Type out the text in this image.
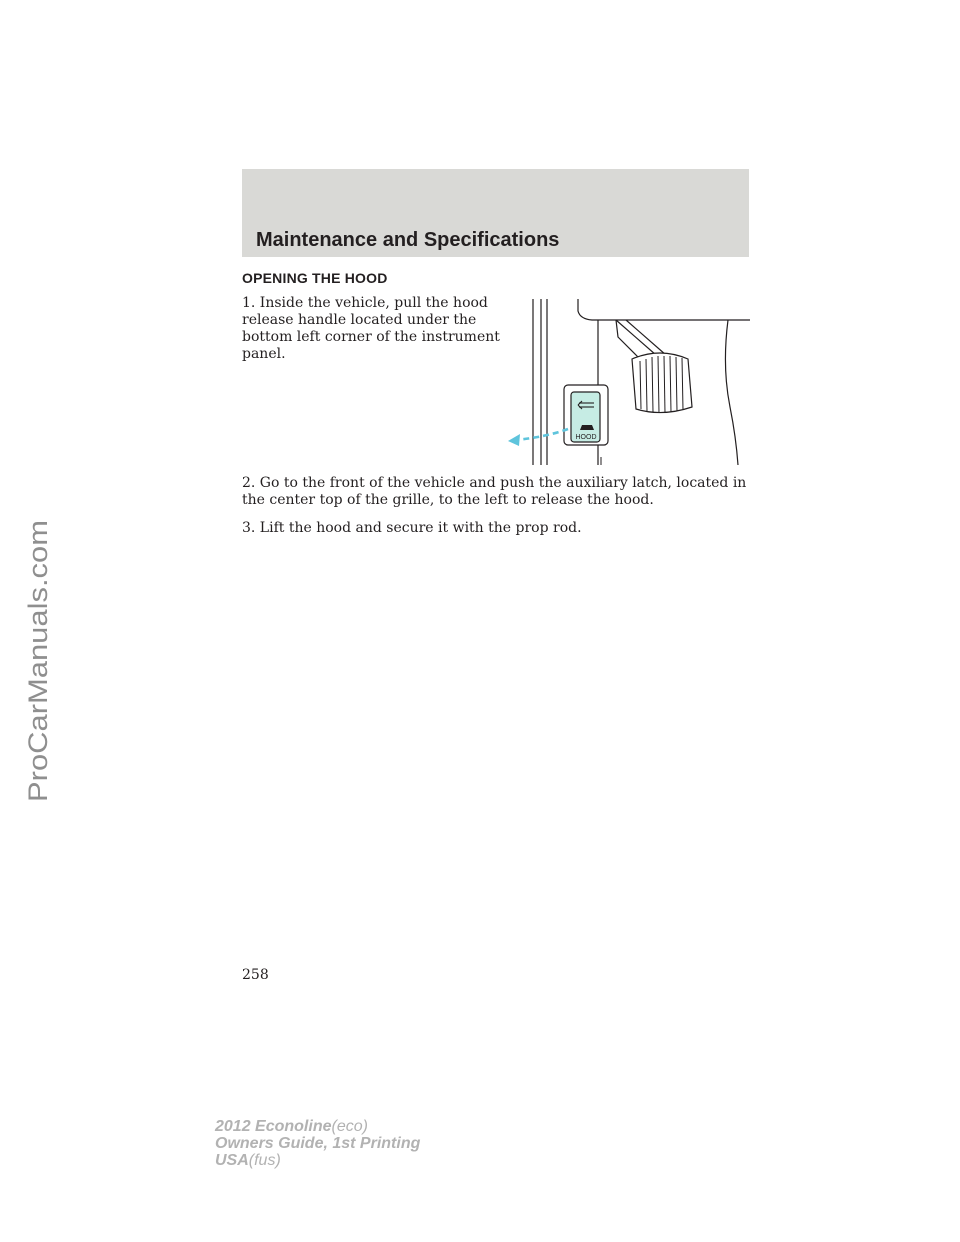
ProCarManuals.com
Maintenance and Specifications
OPENING THE HOOD

1. Inside the vehicle, pull the hood release handle located under the bottom left corner of the instrument panel.

HOOD

2. Go to the front of the vehicle and push the auxiliary latch, located in the center top of the grille, to the left to release the hood.

3. Lift the hood and secure it with the prop rod.

258

2012 Econoline(eco)
Owners Guide, 1st Printing
USA(fus)
